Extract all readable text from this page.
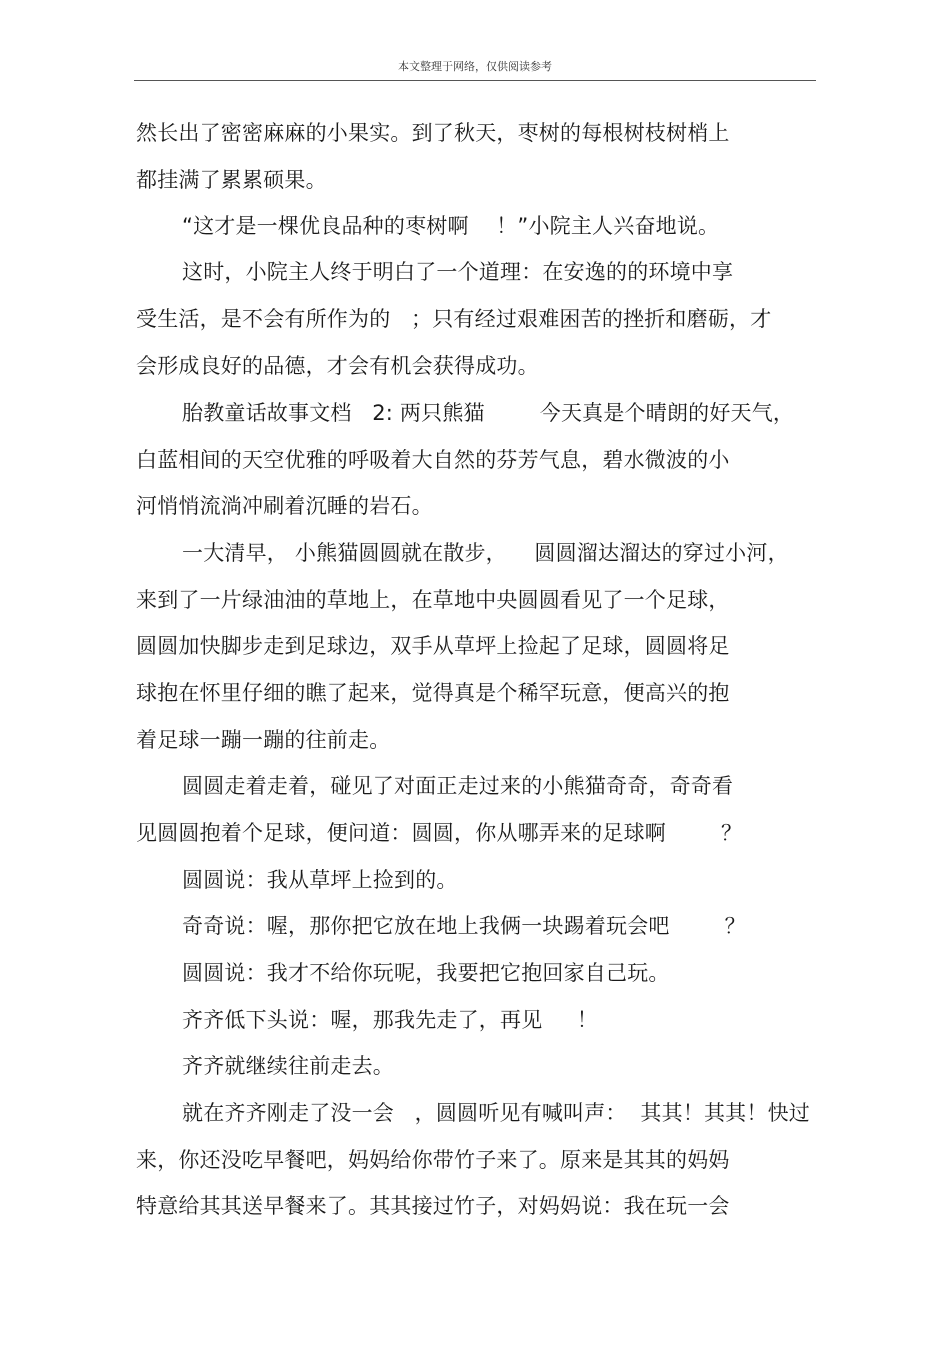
本文整理于网络，仅供阅读参考
然长出了密密麻麻的小果实。到了秋天，枣树的每根树枝树梢上
都挂满了累累硕果。
“这才是一棵优良品种的枣树啊    ！”小院主人兴奋地说。
这时，小院主人终于明白了一个道理：在安逸的的环境中享
受生活，是不会有所作为的   ；只有经过艰难困苦的挫折和磨砺，才
会形成良好的品德，才会有机会获得成功。
胎教童话故事文档   2: 两只熊猫        今天真是个晴朗的好天气，
白蓝相间的天空优雅的呼吸着大自然的芬芳气息，碧水微波的小
河悄悄流淌冲刷着沉睡的岩石。
一大清早， 小熊猫圆圆就在散步，    圆圆溜达溜达的穿过小河，
来到了一片绿油油的草地上，在草地中央圆圆看见了一个足球，
圆圆加快脚步走到足球边，双手从草坪上捡起了足球，圆圆将足
球抱在怀里仔细的瞧了起来，觉得真是个稀罕玩意，便高兴的抱
着足球一蹦一蹦的往前走。
圆圆走着走着，碰见了对面正走过来的小熊猫奇奇，奇奇看
见圆圆抱着个足球，便问道：圆圆，你从哪弄来的足球啊        ？
圆圆说：我从草坪上捡到的。
奇奇说：喔，那你把它放在地上我俩一块踢着玩会吧        ？
圆圆说：我才不给你玩呢，我要把它抱回家自己玩。
齐齐低下头说：喔，那我先走了，再见     ！
齐齐就继续往前走去。
就在齐齐刚走了没一会   ，圆圆听见有喊叫声：  其其！其其！快过
来，你还没吃早餐吧，妈妈给你带竹子来了。原来是其其的妈妈
特意给其其送早餐来了。其其接过竹子，对妈妈说：我在玩一会
